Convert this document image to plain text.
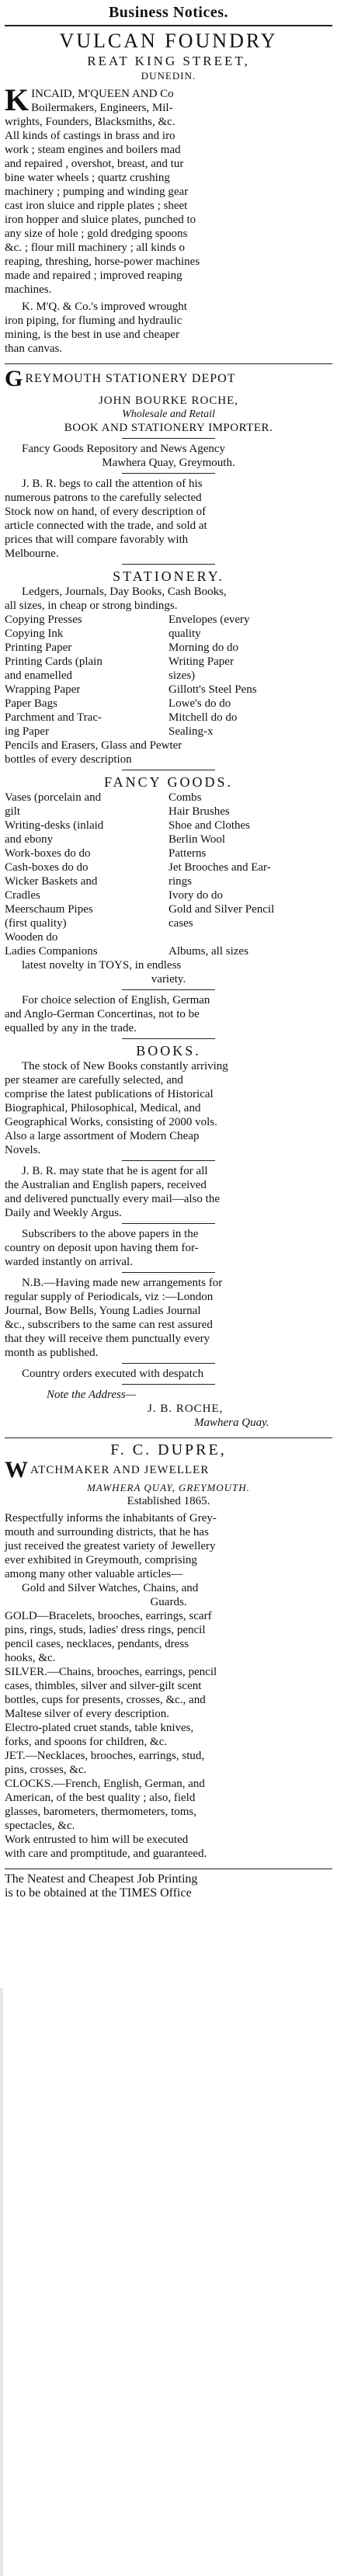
Business Notices.
VULCAN FOUNDRY
REAT KING STREET,
DUNEDIN.
K INCAID, M'QUEEN AND Co
Boilermakers, Engineers, Mil-
wrights, Founders, Blacksmiths, &c.
All kinds of castings in brass and iro
work ; steam engines and boilers mad
and repaired , overshot, breast, and tur
bine water wheels ; quartz crushing
machinery ; pumping and winding gear
cast iron sluice and ripple plates ; sheet
iron hopper and sluice plates, punched to
any size of hole ; gold dredging spoons
&c. ; flour mill machinery ; all kinds o
reaping, threshing, horse-power machines
made and repaired ; improved reaping
machines.
K. M'Q. & Co.'s improved wrought
iron piping, for fluming and hydraulic
mining, is the best in use and cheaper
than canvas.
G REYMOUTH STATIONERY DEPOT
JOHN BOURKE ROCHE,
Wholesale and Retail
BOOK AND STATIONERY IMPORTER.
Fancy Goods Repository and News Agency
Mawhera Quay, Greymouth.
J. B. R. begs to call the attention of his
numerous patrons to the carefully selected
Stock now on hand, of every description of
article connected with the trade, and sold at
prices that will compare favorably with
Melbourne.
STATIONERY.
Ledgers, Journals, Day Books, Cash Books,
all sizes, in cheap or strong bindings.
Copying Presses
Copying Ink
Printing Paper
Printing Cards (plain
and enamelled
Wrapping Paper
Paper Bags
Parchment and Trac-
ing Paper
Envelopes (every
quality
Morning do do
Writing Paper
sizes)
Gillott's Steel Pens
Lowe's do do
Mitchell do do
Sealing-x
Pencils and Erasers, Glass and Pewter
bottles of every description
FANCY GOODS.
Vases (porcelain and
gilt
Writing-desks (inlaid
and ebony
Work-boxes do do
Cash-boxes do do
Wicker Baskets and
Cradles
Meerschaum Pipes
(first quality)
Wooden do
Ladies Companions
Combs
Hair Brushes
Shoe and Clothes
Berlin Wool
Patterns
Jet Brooches and Ear-
rings
Ivory do do
Gold and Silver Pencil
cases

Albums, all sizes
latest novelty in TOYS, in endless
variety.
For choice selection of English, German
and Anglo-German Concertinas, not to be
equalled by any in the trade.
BOOKS.
The stock of New Books constantly arriving
per steamer are carefully selected, and
comprise the latest publications of Historical
Biographical, Philosophical, Medical, and
Geographical Works, consisting of 2000 vols.
Also a large assortment of Modern Cheap
Novels.
J. B. R. may state that he is agent for all
the Australian and English papers, received
and delivered punctually every mail—also the
Daily and Weekly Argus.
Subscribers to the above papers in the
country on deposit upon having them for-
warded instantly on arrival.
N.B.—Having made new arrangements for
regular supply of Periodicals, viz :—London
Journal, Bow Bells, Young Ladies Journal
&c., subscribers to the same can rest assured
that they will receive them punctually every
month as published.
Country orders executed with despatch
Note the Address—
J. B. ROCHE,
Mawhera Quay.
F. C. DUPRE,
W ATCHMAKER AND JEWELLER
MAWHERA QUAY, GREYMOUTH.
Established 1865.
Respectfully informs the inhabitants of Grey-
mouth and surrounding districts, that he has
just received the greatest variety of Jewellery
ever exhibited in Greymouth, comprising
among many other valuable articles—
Gold and Silver Watches, Chains, and
Guards.
GOLD—Bracelets, brooches, earrings, scarf
pins, rings, studs, ladies' dress rings, pencil
pencil cases, necklaces, pendants, dress
hooks, &c.
SILVER.—Chains, brooches, earrings, pencil
cases, thimbles, silver and silver-gilt scent
bottles, cups for presents, crosses, &c., and
Maltese silver of every description.
Electro-plated cruet stands, table knives,
forks, and spoons for children, &c.
JET.—Necklaces, brooches, earrings, stud,
pins, crosses, &c.
CLOCKS.—French, English, German, and
American, of the best quality ; also, field
glasses, barometers, thermometers, toms,
spectacles, &c.
Work entrusted to him will be executed
with care and promptitude, and guaranteed.
The Neatest and Cheapest Job Printing
is to be obtained at the TIMES Office
